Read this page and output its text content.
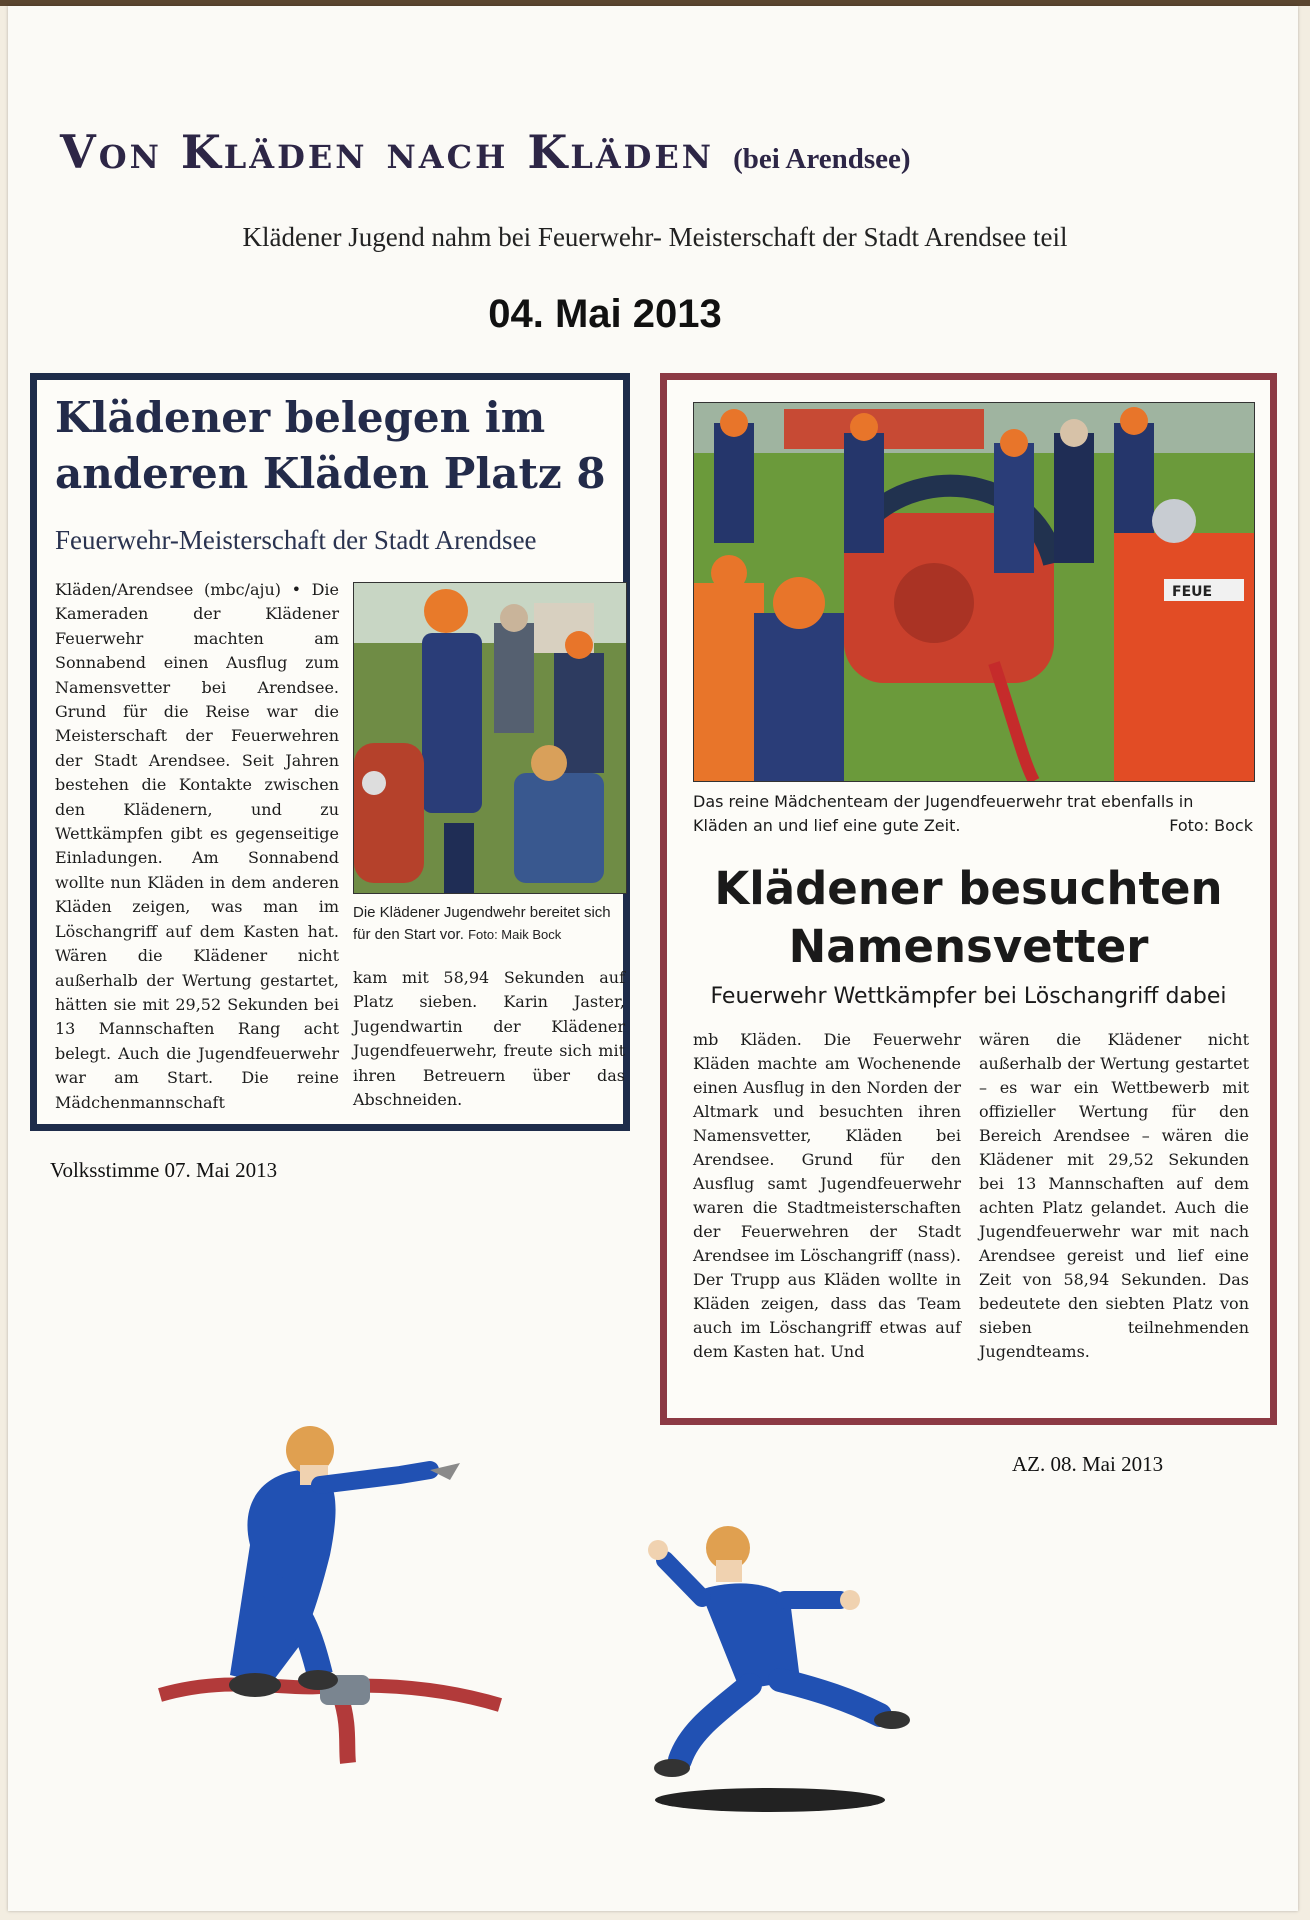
Von Kläden nach Kläden (bei Arendsee)
Klädener Jugend nahm bei Feuerwehr- Meisterschaft der Stadt Arendsee teil
04. Mai 2013
Klädener belegen im
anderen Kläden Platz 8
Feuerwehr-Meisterschaft der Stadt Arendsee
Kläden/Arendsee (mbc/aju) • Die Kameraden der Klädener Feuerwehr machten am Sonnabend einen Ausflug zum Namensvetter bei Arendsee. Grund für die Reise war die Meisterschaft der Feuerwehren der Stadt Arendsee. Seit Jahren bestehen die Kontakte zwischen den Klädenern, und zu Wettkämpfen gibt es gegenseitige Einladungen. Am Sonnabend wollte nun Kläden in dem anderen Kläden zeigen, was man im Löschangriff auf dem Kasten hat. Wären die Klädener nicht außerhalb der Wertung gestartet, hätten sie mit 29,52 Sekunden bei 13 Mannschaften Rang acht belegt. Auch die Jugendfeuerwehr war am Start. Die reine Mädchenmannschaft
Die Klädener Jugendwehr bereitet sich für den Start vor. Foto: Maik Bock
kam mit 58,94 Sekunden auf Platz sieben. Karin Jaster, Jugendwartin der Klädener Jugendfeuerwehr, freute sich mit ihren Betreuern über das Abschneiden.
Volksstimme 07. Mai 2013
FEUE
Das reine Mädchenteam der Jugendfeuerwehr trat ebenfalls in Kläden an und lief eine gute Zeit.	Foto: Bock
Klädener besuchten
Namensvetter
Feuerwehr Wettkämpfer bei Löschangriff dabei
mb Kläden. Die Feuerwehr Kläden machte am Wochenende einen Ausflug in den Norden der Altmark und besuchten ihren Namensvetter, Kläden bei Arendsee. Grund für den Ausflug samt Jugendfeuerwehr waren die Stadtmeisterschaften der Feuerwehren der Stadt Arendsee im Löschangriff (nass). Der Trupp aus Kläden wollte in Kläden zeigen, dass das Team auch im Löschangriff etwas auf dem Kasten hat. Und
wären die Klädener nicht außerhalb der Wertung gestartet – es war ein Wettbewerb mit offizieller Wertung für den Bereich Arendsee – wären die Klädener mit 29,52 Sekunden bei 13 Mannschaften auf dem achten Platz gelandet. Auch die Jugendfeuerwehr war mit nach Arendsee gereist und lief eine Zeit von 58,94 Sekunden. Das bedeutete den siebten Platz von sieben teilnehmenden Jugendteams.
AZ. 08. Mai 2013
